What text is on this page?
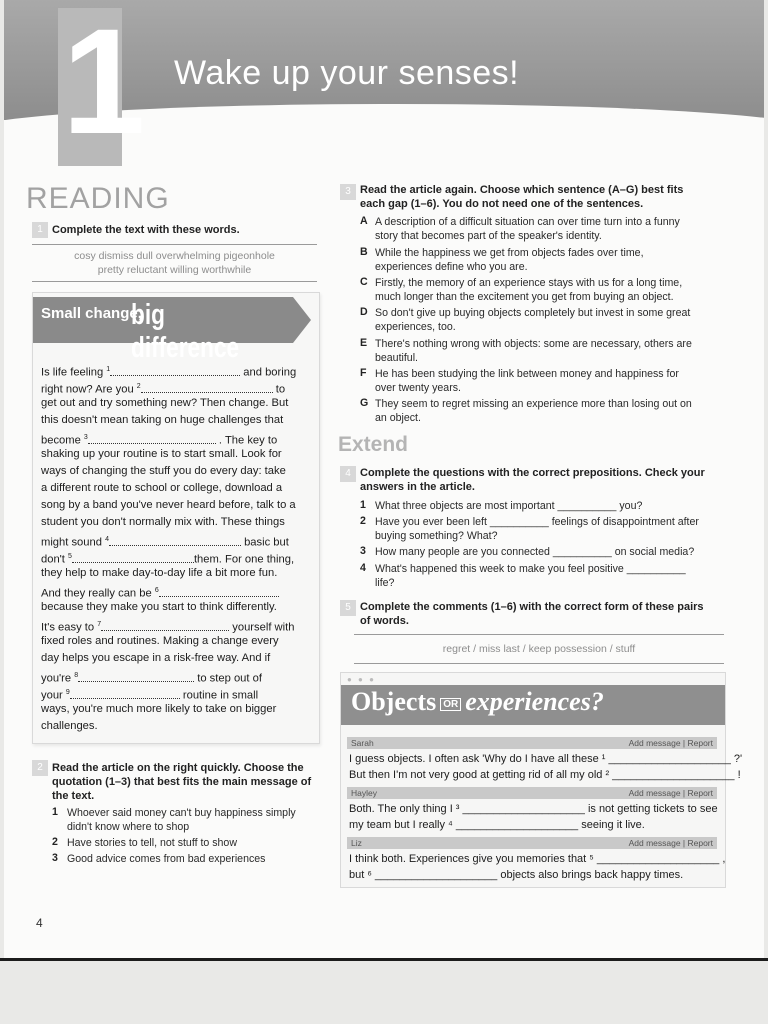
1 Wake up your senses!
READING
1 Complete the text with these words.
cosy dismiss dull overwhelming pigeonhole
pretty reluctant willing worthwhile
Small change,
big difference
Is life feeling $^1$	and boring
right now? Are you $^2$	to
get out and try something new? Then change. But
this doesn't mean taking on huge challenges that
become $^3$	. The key to
shaking up your routine is to start small. Look for
ways of changing the stuff you do every day: take
a different route to school or college, download a
song by a band you've never heard before, talk to a
student you don't normally mix with. These things
might sound $^4$	basic but
don't $^5$	them. For one thing,
they help to make day-to-day life a bit more fun.
And they really can be $^6$
because they make you start to think differently.
It's easy to $^7$	yourself with
fixed roles and routines. Making a change every
day helps you escape in a risk-free way. And if
you're $^8$	to step out of
your $^9$	routine in small
ways, you're much more likely to take on bigger
challenges.
2 Read the article on the right quickly. Choose the
quotation (1–3) that best fits the main message of
the text.
1 Whoever said money can't buy happiness simply
didn't know where to shop
2 Have stories to tell, not stuff to show
3 Good advice comes from bad experiences
3 Read the article again. Choose which sentence (A–G) best fits
each gap (1–6). You do not need one of the sentences.
Extend
4 Complete the questions with the correct prepositions. Check your
answers in the article.
5 Complete the comments (1–6) with the correct form of these pairs
of words.
regret / miss last / keep possession / stuff
● ● ●
Objects OR experiences?
Sarah	Add message | Report
I guess objects. I often ask 'Why do I have all these ¹ ____________________ ?'
But then I'm not very good at getting rid of all my old ² ____________________ !
Hayley	Add message | Report
Both. The only thing I ³ ____________________ is not getting tickets to see
my team but I really ⁴ ____________________ seeing it live.
Liz	Add message | Report
I think both. Experiences give you memories that ⁵ ____________________ ,
but ⁶ ____________________ objects also brings back happy times.
4
A A description of a difficult situation can over time turn into a funny
story that becomes part of the speaker's identity.
B While the happiness we get from objects fades over time,
experiences define who you are.
C Firstly, the memory of an experience stays with us for a long time,
much longer than the excitement you get from buying an object.
D So don't give up buying objects completely but invest in some great
experiences, too.
E There's nothing wrong with objects: some are necessary, others are
beautiful.
F He has been studying the link between money and happiness for
over twenty years.
G They seem to regret missing an experience more than losing out on
an object.
1 What three objects are most important __________ you?
2 Have you ever been left __________ feelings of disappointment after
buying something? What?
3 How many people are you connected __________ on social media?
4 What's happened this week to make you feel positive __________
life?
